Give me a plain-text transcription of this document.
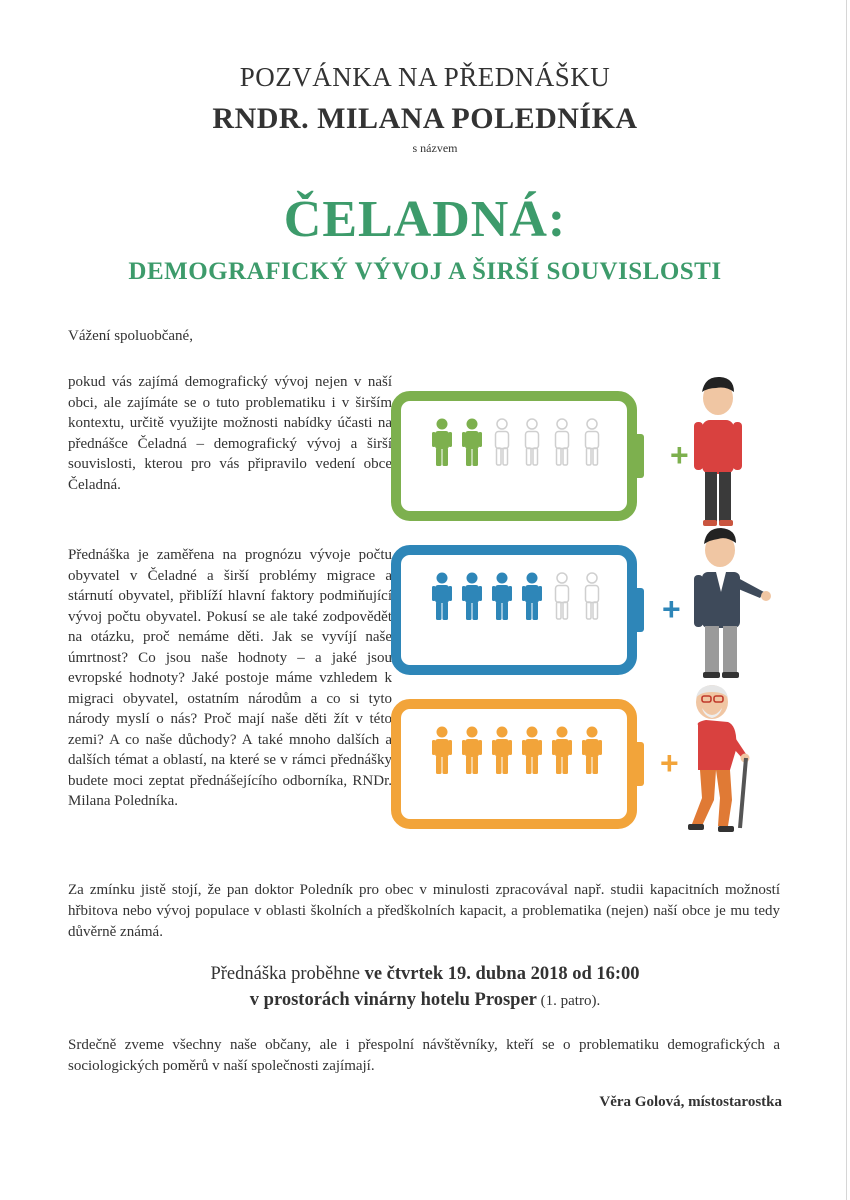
POZVÁNKA NA PŘEDNÁŠKU
RNDR. MILANA POLEDNÍKA
s názvem
ČELADNÁ:
DEMOGRAFICKÝ VÝVOJ A ŠIRŠÍ SOUVISLOSTI
Vážení spoluobčané,
pokud vás zajímá demografický vývoj nejen v naší obci, ale zajímáte se o tuto problematiku i v širším kontextu, určitě využijte možnosti nabídky účasti na přednášce Čeladná – demografický vývoj a širší souvislosti, kterou pro vás připravilo vedení obce Čeladná.
Přednáška je zaměřena na prognózu vývoje počtu obyvatel v Čeladné a širší problémy migrace a stárnutí obyvatel, přiblíží hlavní faktory podmiňující vývoj počtu obyvatel. Pokusí se ale také zodpovědět na otázku, proč nemáme děti. Jak se vyvíjí naše úmrtnost? Co jsou naše hodnoty – a jaké jsou evropské hodnoty? Jaké postoje máme vzhledem k migraci obyvatel, ostatním národům a co si tyto národy myslí o nás? Proč mají naše děti žít v této zemi? A co naše důchody? A také mnoho dalších a dalších témat a oblastí, na které se v rámci přednášky budete moci zeptat přednášejícího odborníka, RNDr. Milana Poledníka.
+
+
+
Za zmínku jistě stojí, že pan doktor Poledník pro obec v minulosti zpracovával např. studii kapacitních možností hřbitova nebo vývoj populace v oblasti školních a předškolních kapacit, a problematika (nejen) naší obce je mu tedy důvěrně známá.
Přednáška proběhne ve čtvrtek 19. dubna 2018 od 16:00
v prostorách vinárny hotelu Prosper (1. patro).
Srdečně zveme všechny naše občany, ale i přespolní návštěvníky, kteří se o problematiku demografických a sociologických poměrů v naší společnosti zajímají.
Věra Golová, místostarostka
